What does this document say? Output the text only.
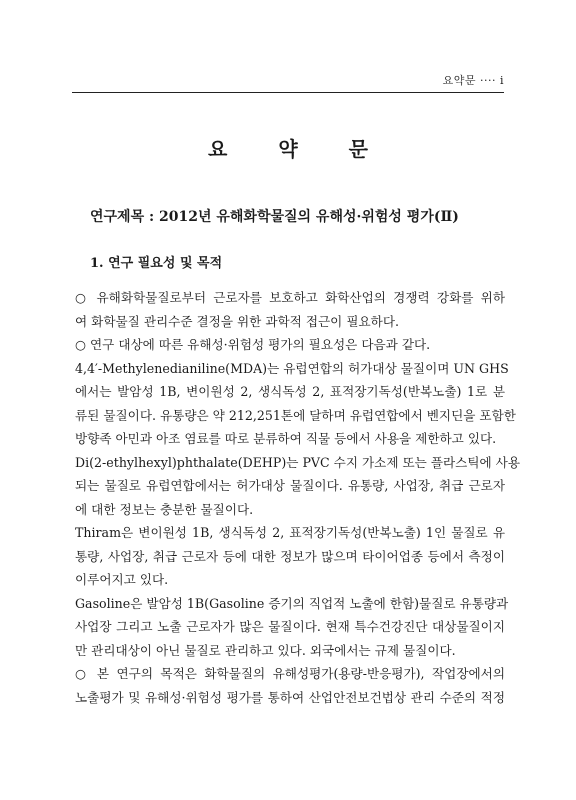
요약문 ···· i
요 약 문
연구제목 : 2012년 유해화학물질의 유해성·위험성 평가(Ⅱ)
1. 연구 필요성 및 목적
○ 유해화학물질로부터 근로자를 보호하고 화학산업의 경쟁력 강화를 위하
여 화학물질 관리수준 결정을 위한 과학적 접근이 필요하다.
○ 연구 대상에 따른 유해성·위험성 평가의 필요성은 다음과 같다.
4,4′-Methylenedianiline(MDA)는 유럽연합의 허가대상 물질이며 UN GHS
에서는 발암성 1B, 변이원성 2, 생식독성 2, 표적장기독성(반복노출) 1로 분
류된 물질이다. 유통량은 약 212,251톤에 달하며 유럽연합에서 벤지딘을 포함한
방향족 아민과 아조 염료를 따로 분류하여 직물 등에서 사용을 제한하고 있다.
Di(2-ethylhexyl)phthalate(DEHP)는 PVC 수지 가소제 또는 플라스틱에 사용
되는 물질로 유럽연합에서는 허가대상 물질이다. 유통량, 사업장, 취급 근로자
에 대한 정보는 충분한 물질이다.
Thiram은 변이원성 1B, 생식독성 2, 표적장기독성(반복노출) 1인 물질로 유
통량, 사업장, 취급 근로자 등에 대한 정보가 많으며 타이어업종 등에서 측정이
이루어지고 있다.
Gasoline은 발암성 1B(Gasoline 증기의 직업적 노출에 한함)물질로 유통량과
사업장 그리고 노출 근로자가 많은 물질이다. 현재 특수건강진단 대상물질이지
만 관리대상이 아닌 물질로 관리하고 있다. 외국에서는 규제 물질이다.
○ 본 연구의 목적은 화학물질의 유해성평가(용량-반응평가), 작업장에서의
노출평가 및 유해성·위험성 평가를 통하여 산업안전보건법상 관리 수준의 적정
